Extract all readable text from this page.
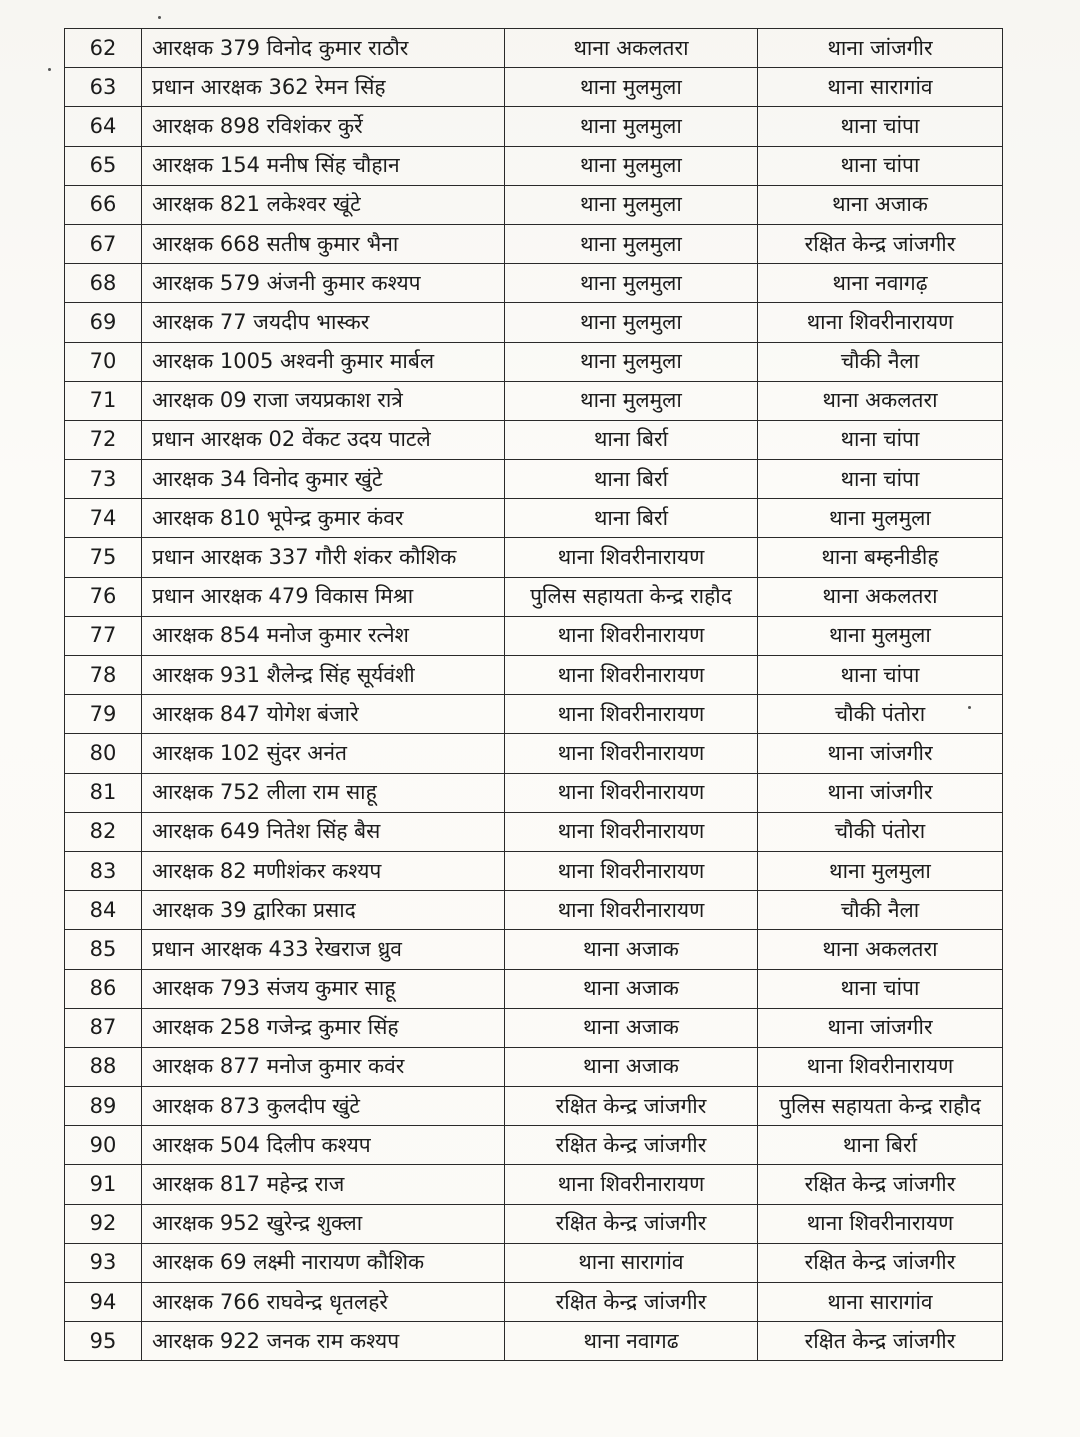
62	आरक्षक 379 विनोद कुमार राठौर	थाना अकलतरा	थाना जांजगीर
63	प्रधान आरक्षक 362 रेमन सिंह	थाना मुलमुला	थाना सारागांव
64	आरक्षक 898 रविशंकर कुर्रे	थाना मुलमुला	थाना चांपा
65	आरक्षक 154 मनीष सिंह चौहान	थाना मुलमुला	थाना चांपा
66	आरक्षक 821 लकेश्वर खूंटे	थाना मुलमुला	थाना अजाक
67	आरक्षक 668 सतीष कुमार भैना	थाना मुलमुला	रक्षित केन्द्र जांजगीर
68	आरक्षक 579 अंजनी कुमार कश्यप	थाना मुलमुला	थाना नवागढ़
69	आरक्षक 77 जयदीप भास्कर	थाना मुलमुला	थाना शिवरीनारायण
70	आरक्षक 1005 अश्वनी कुमार मार्बल	थाना मुलमुला	चौकी नैला
71	आरक्षक 09 राजा जयप्रकाश रात्रे	थाना मुलमुला	थाना अकलतरा
72	प्रधान आरक्षक 02 वेंकट उदय पाटले	थाना बिर्रा	थाना चांपा
73	आरक्षक 34 विनोद कुमार खुंटे	थाना बिर्रा	थाना चांपा
74	आरक्षक 810 भूपेन्द्र कुमार कंवर	थाना बिर्रा	थाना मुलमुला
75	प्रधान आरक्षक 337 गौरी शंकर कौशिक	थाना शिवरीनारायण	थाना बम्हनीडीह
76	प्रधान आरक्षक 479 विकास मिश्रा	पुलिस सहायता केन्द्र राहौद	थाना अकलतरा
77	आरक्षक 854 मनोज कुमार रत्नेश	थाना शिवरीनारायण	थाना मुलमुला
78	आरक्षक 931 शैलेन्द्र सिंह सूर्यवंशी	थाना शिवरीनारायण	थाना चांपा
79	आरक्षक 847 योगेश बंजारे	थाना शिवरीनारायण	चौकी पंतोरा
80	आरक्षक 102 सुंदर अनंत	थाना शिवरीनारायण	थाना जांजगीर
81	आरक्षक 752 लीला राम साहू	थाना शिवरीनारायण	थाना जांजगीर
82	आरक्षक 649 नितेश सिंह बैस	थाना शिवरीनारायण	चौकी पंतोरा
83	आरक्षक 82 मणीशंकर कश्यप	थाना शिवरीनारायण	थाना मुलमुला
84	आरक्षक 39 द्वारिका प्रसाद	थाना शिवरीनारायण	चौकी नैला
85	प्रधान आरक्षक 433 रेखराज ध्रुव	थाना अजाक	थाना अकलतरा
86	आरक्षक 793 संजय कुमार साहू	थाना अजाक	थाना चांपा
87	आरक्षक 258 गजेन्द्र कुमार सिंह	थाना अजाक	थाना जांजगीर
88	आरक्षक 877 मनोज कुमार कवंर	थाना अजाक	थाना शिवरीनारायण
89	आरक्षक 873 कुलदीप खुंटे	रक्षित केन्द्र जांजगीर	पुलिस सहायता केन्द्र राहौद
90	आरक्षक 504 दिलीप कश्यप	रक्षित केन्द्र जांजगीर	थाना बिर्रा
91	आरक्षक 817 महेन्द्र राज	थाना शिवरीनारायण	रक्षित केन्द्र जांजगीर
92	आरक्षक 952 खुरेन्द्र शुक्ला	रक्षित केन्द्र जांजगीर	थाना शिवरीनारायण
93	आरक्षक 69 लक्ष्मी नारायण कौशिक	थाना सारागांव	रक्षित केन्द्र जांजगीर
94	आरक्षक 766 राघवेन्द्र धृतलहरे	रक्षित केन्द्र जांजगीर	थाना सारागांव
95	आरक्षक 922 जनक राम कश्यप	थाना नवागढ	रक्षित केन्द्र जांजगीर
